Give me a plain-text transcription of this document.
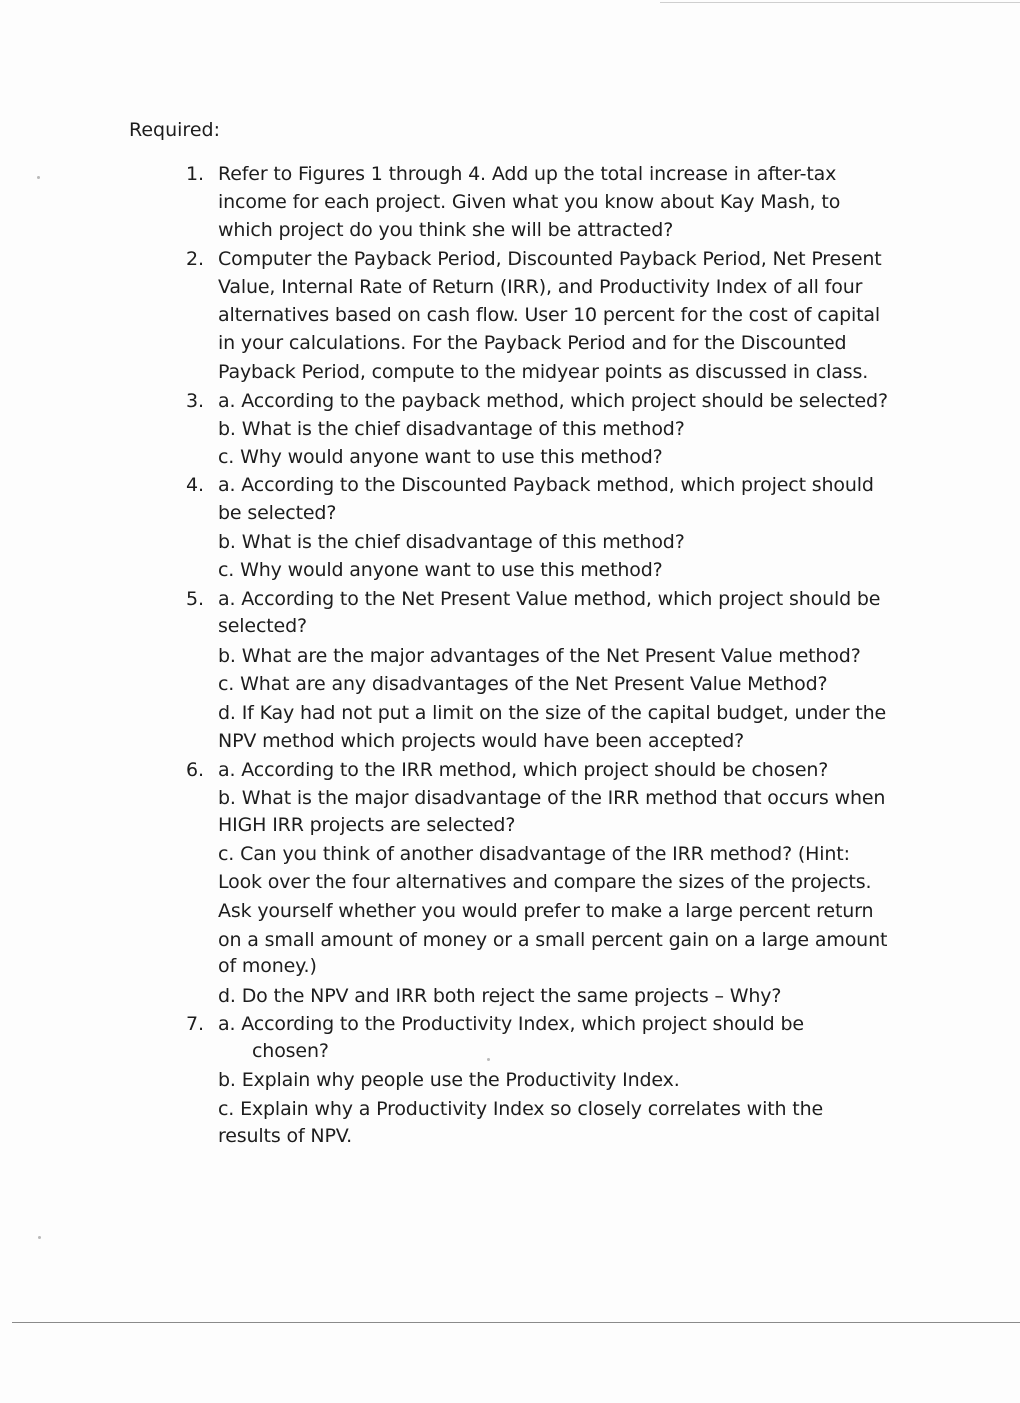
Required:
1. Refer to Figures 1 through 4. Add up the total increase in after-tax
income for each project. Given what you know about Kay Mash, to
which project do you think she will be attracted?
2. Computer the Payback Period, Discounted Payback Period, Net Present
Value, Internal Rate of Return (IRR), and Productivity Index of all four
alternatives based on cash flow. User 10 percent for the cost of capital
in your calculations. For the Payback Period and for the Discounted
Payback Period, compute to the midyear points as discussed in class.
3. a. According to the payback method, which project should be selected?
b. What is the chief disadvantage of this method?
c. Why would anyone want to use this method?
4. a. According to the Discounted Payback method, which project should
be selected?
b. What is the chief disadvantage of this method?
c. Why would anyone want to use this method?
5. a. According to the Net Present Value method, which project should be
selected?
b. What are the major advantages of the Net Present Value method?
c. What are any disadvantages of the Net Present Value Method?
d. If Kay had not put a limit on the size of the capital budget, under the
NPV method which projects would have been accepted?
6. a. According to the IRR method, which project should be chosen?
b. What is the major disadvantage of the IRR method that occurs when
HIGH IRR projects are selected?
c. Can you think of another disadvantage of the IRR method? (Hint:
Look over the four alternatives and compare the sizes of the projects.
Ask yourself whether you would prefer to make a large percent return
on a small amount of money or a small percent gain on a large amount
of money.)
d. Do the NPV and IRR both reject the same projects – Why?
7. a. According to the Productivity Index, which project should be
chosen?
b. Explain why people use the Productivity Index.
c. Explain why a Productivity Index so closely correlates with the
results of NPV.
